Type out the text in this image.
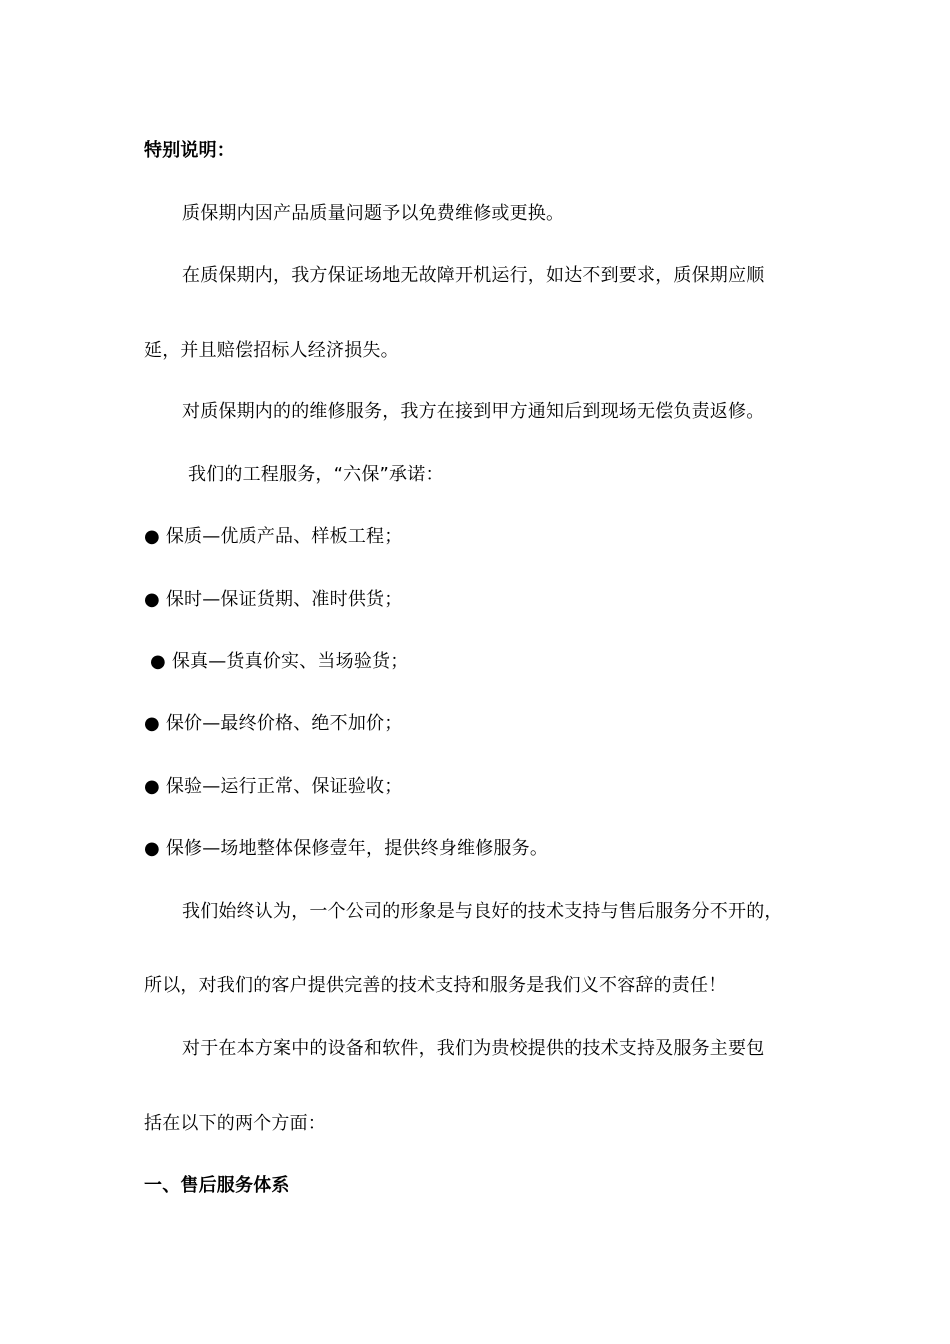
特别说明：
质保期内因产品质量问题予以免费维修或更换。
在质保期内，我方保证场地无故障开机运行，如达不到要求，质保期应顺
延，并且赔偿招标人经济损失。
对质保期内的的维修服务，我方在接到甲方通知后到现场无偿负责返修。
我们的工程服务，“六保”承诺：
● 保质—优质产品、样板工程；
● 保时—保证货期、准时供货；
● 保真—货真价实、当场验货；
● 保价—最终价格、绝不加价；
● 保验—运行正常、保证验收；
● 保修—场地整体保修壹年，提供终身维修服务。
我们始终认为，一个公司的形象是与良好的技术支持与售后服务分不开的，
所以，对我们的客户提供完善的技术支持和服务是我们义不容辞的责任！
对于在本方案中的设备和软件，我们为贵校提供的技术支持及服务主要包
括在以下的两个方面：
一、售后服务体系
